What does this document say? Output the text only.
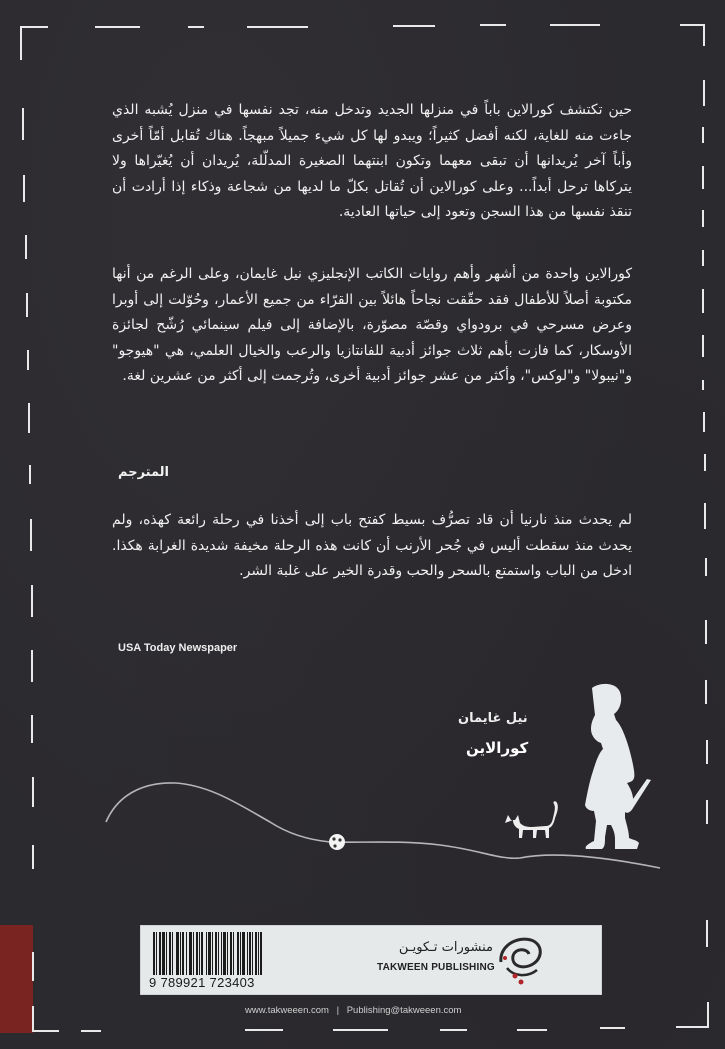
حين تكتشف كورالاين باباً في منزلها الجديد وتدخل منه، تجد نفسها في منزل يُشبه الذي جاءت منه للغاية، لكنه أفضل كثيراً؛ ويبدو لها كل شيء جميلاً مبهجاً. هناك تُقابل أمّاً أخرى وأباً آخر يُريدانها أن تبقى معهما وتكون ابنتهما الصغيرة المدلّلة، يُريدان أن يُغيّراها ولا يتركاها ترحل أبداً... وعلى كورالاين أن تُقاتل بكلّ ما لديها من شجاعة وذكاء إذا أرادت أن تنقذ نفسها من هذا السجن وتعود إلى حياتها العادية.

كورالاين واحدة من أشهر وأهم روايات الكاتب الإنجليزي نيل غايمان، وعلى الرغم من أنها مكتوبة أصلاً للأطفال فقد حقّقت نجاحاً هائلاً بين القرّاء من جميع الأعمار، وحُوّلت إلى أوبرا وعرض مسرحي في برودواي وقصّة مصوّرة، بالإضافة إلى فيلم سينمائي رُشّح لجائزة الأوسكار، كما فازت بأهم ثلاث جوائز أدبية للفانتازيا والرعب والخيال العلمي، هي "هيوجو" و"نيبولا" و"لوكس"، وأكثر من عشر جوائز أدبية أخرى، وتُرجمت إلى أكثر من عشرين لغة.

المترجم

لم يحدث منذ نارنيا أن قاد تصرُّف بسيط كفتح باب إلى أخذنا في رحلة رائعة كهذه، ولم يحدث منذ سقطت أليس في جُحر الأرنب أن كانت هذه الرحلة مخيفة شديدة الغرابة هكذا. ادخل من الباب واستمتع بالسحر والحب وقدرة الخير على غلبة الشر.

USA Today Newspaper
نيل غايمان
كورالاين
9 789921 723403
منشورات تـكويـن
TAKWEEN PUBLISHING
www.takweeen.com | Publishing@takweeen.com
